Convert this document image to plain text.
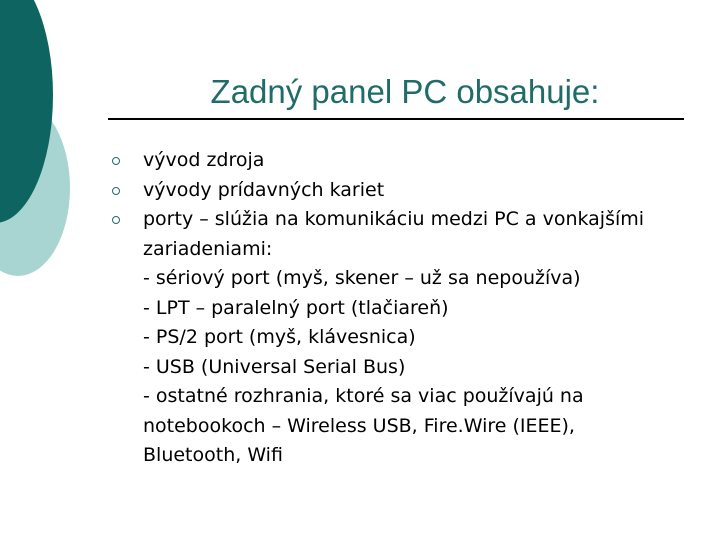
Zadný panel PC obsahuje:
vývod zdroja
vývody prídavných kariet
porty – slúžia na komunikáciu medzi PC a vonkajšími zariadeniami:
- sériový port (myš, skener – už sa nepoužíva)
- LPT – paralelný port (tlačiareň)
- PS/2 port (myš, klávesnica)
- USB (Universal Serial Bus)
- ostatné rozhrania, ktoré sa viac používajú na notebookoch – Wireless USB, Fire.Wire (IEEE), Bluetooth, Wifi
